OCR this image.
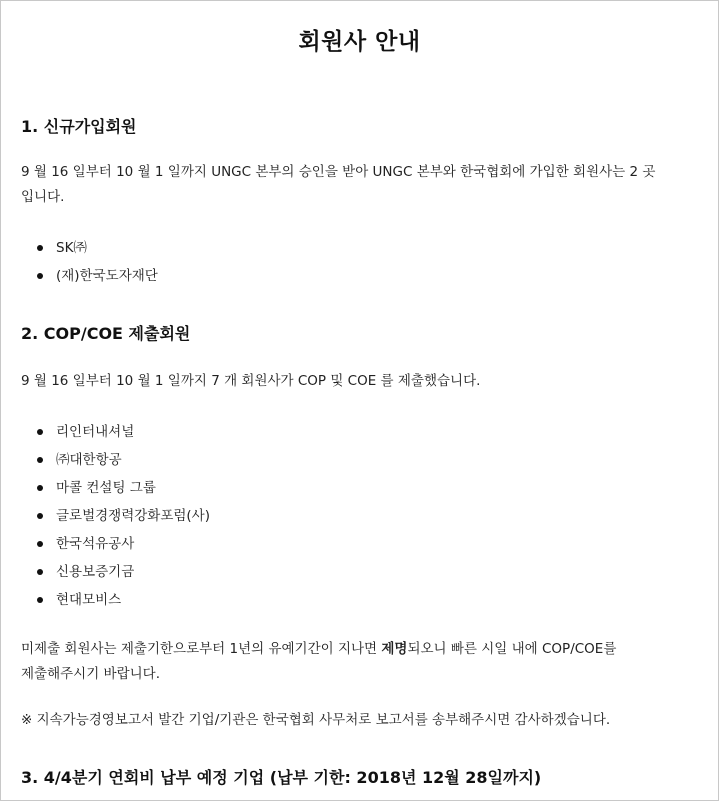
회원사 안내
1. 신규가입회원
9 월 16 일부터 10 월 1 일까지 UNGC 본부의 승인을 받아 UNGC 본부와 한국협회에 가입한 회원사는 2 곳
입니다.
SK㈜
(재)한국도자재단
2. COP/COE 제출회원
9 월 16 일부터 10 월 1 일까지 7 개 회원사가 COP 및 COE 를 제출했습니다.
리인터내셔널
㈜대한항공
마콜 컨설팅 그룹
글로벌경쟁력강화포럼(사)
한국석유공사
신용보증기금
현대모비스
미제출 회원사는 제출기한으로부터 1년의 유예기간이 지나면 제명되오니 빠른 시일 내에 COP/COE를
제출해주시기 바랍니다.
※ 지속가능경영보고서 발간 기업/기관은 한국협회 사무처로 보고서를 송부해주시면 감사하겠습니다.
3. 4/4분기 연회비 납부 예정 기업 (납부 기한: 2018년 12월 28일까지)
